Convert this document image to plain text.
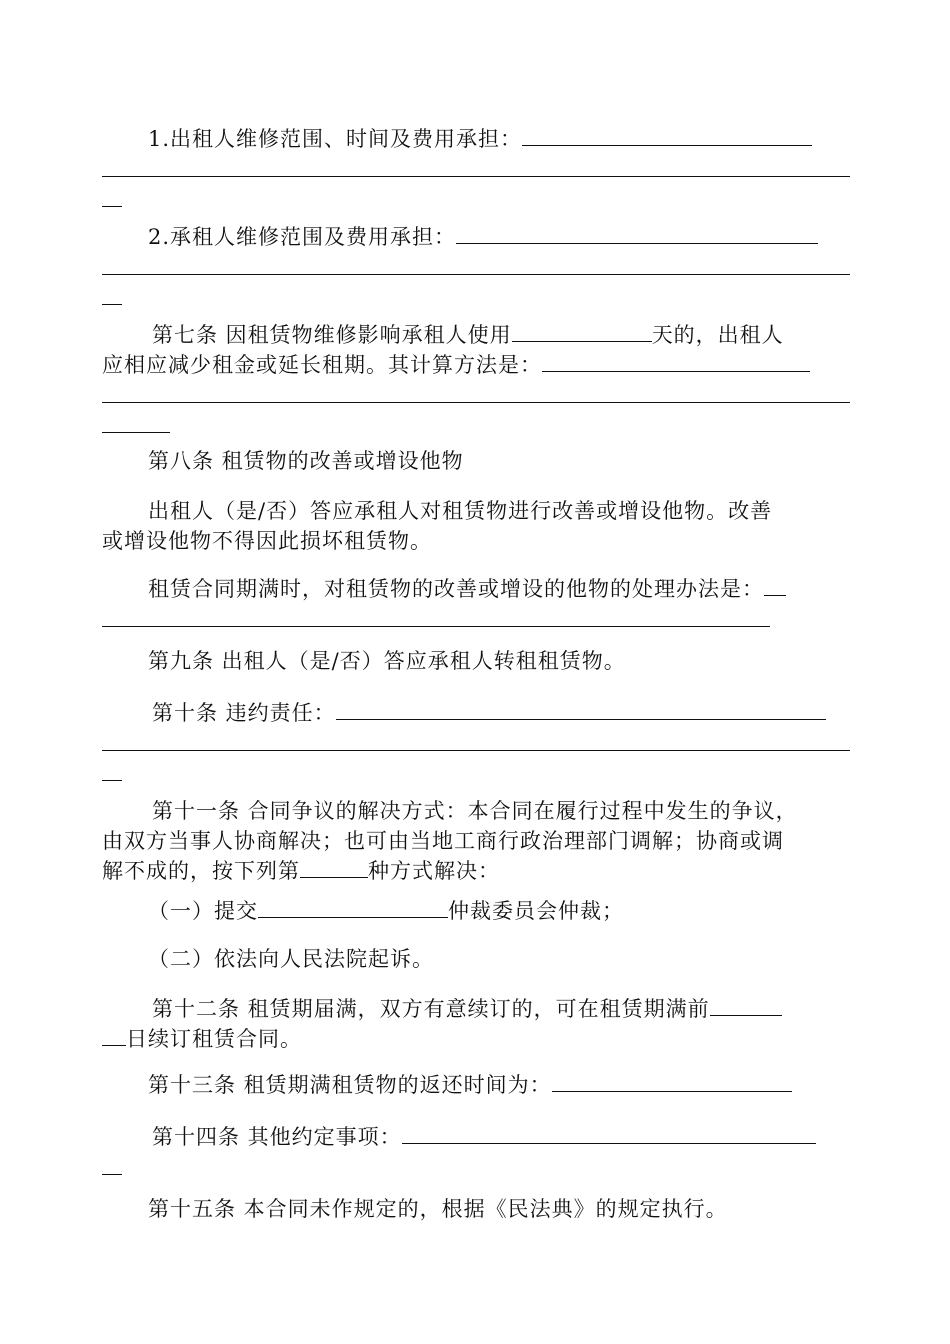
1.出租人维修范围、时间及费用承担：
2.承租人维修范围及费用承担：
第七条 因租赁物维修影响承租人使用	天的，出租人
应相应减少租金或延长租期。其计算方法是：
第八条 租赁物的改善或增设他物
出租人（是/否）答应承租人对租赁物进行改善或增设他物。改善
或增设他物不得因此损坏租赁物。
租赁合同期满时，对租赁物的改善或增设的他物的处理办法是：
第九条 出租人（是/否）答应承租人转租租赁物。
第十条 违约责任：
第十一条 合同争议的解决方式：本合同在履行过程中发生的争议，
由双方当事人协商解决；也可由当地工商行政治理部门调解；协商或调
解不成的，按下列第	种方式解决：
（一）提交	仲裁委员会仲裁；
（二）依法向人民法院起诉。
第十二条 租赁期届满，双方有意续订的，可在租赁期满前
日续订租赁合同。
第十三条 租赁期满租赁物的返还时间为：
第十四条 其他约定事项：
第十五条 本合同未作规定的，根据《民法典》的规定执行。
